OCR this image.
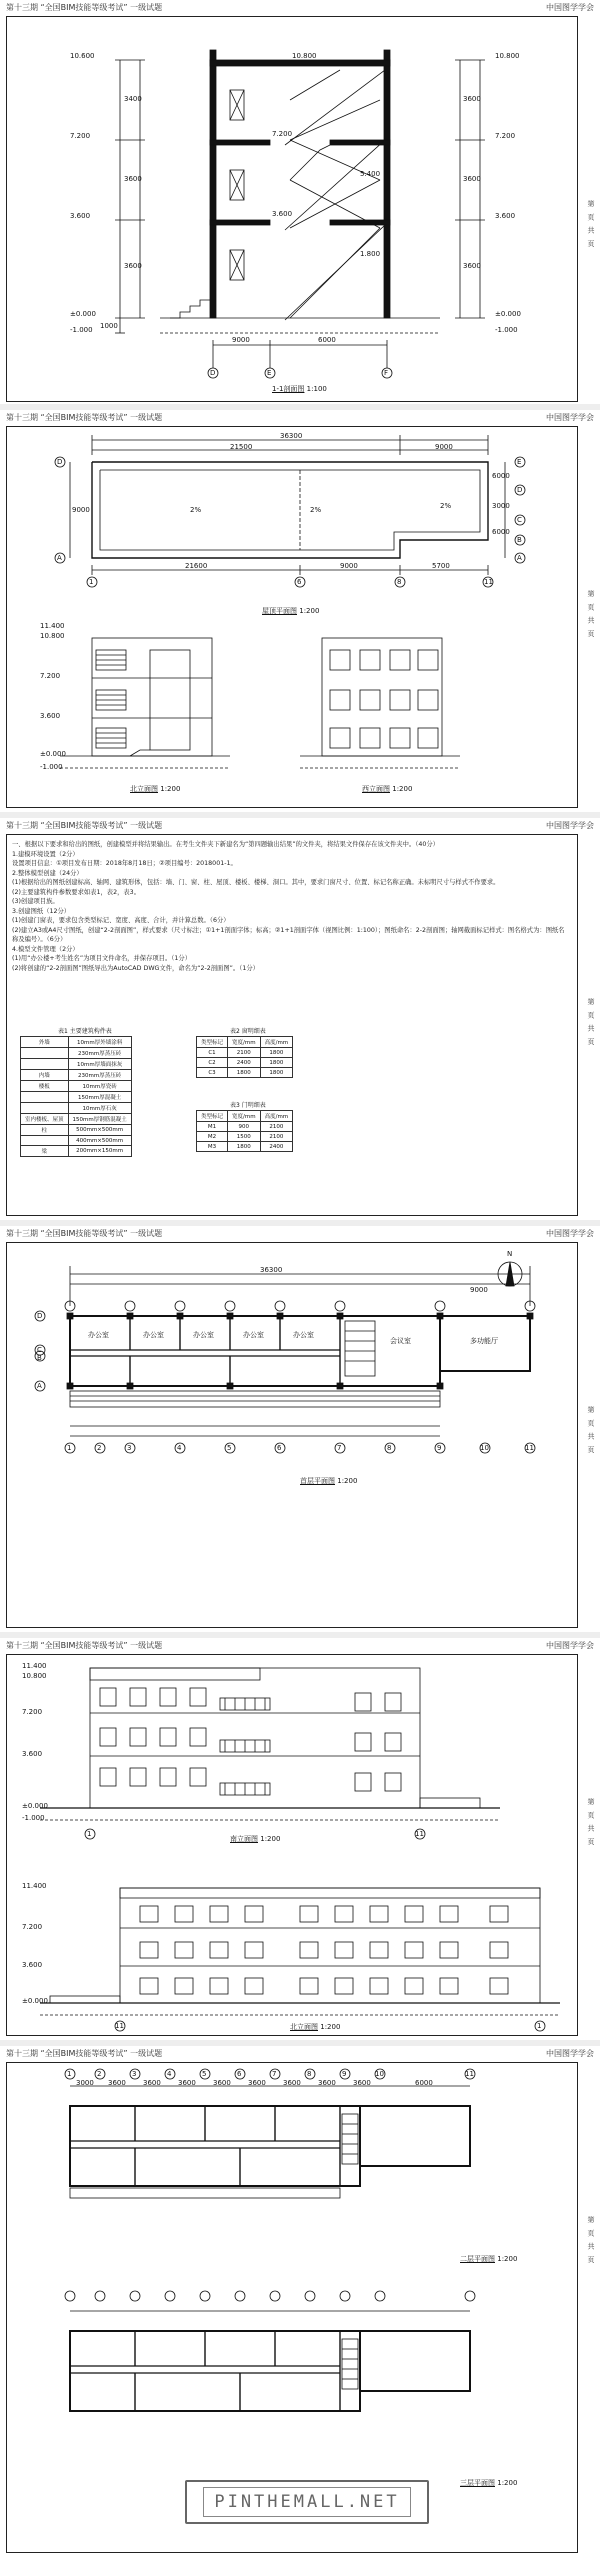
第十三期 “全国BIM技能等级考试” 一级试题	中国图学学会
第 页 共 页
10.600
7.200
3.600
±0.000
-1.000
10.800
7.200
3.600
±0.000
-1.000
7.200
5.400
3.600
1.800
10.800
3400
3600
3600
1000
3600
3600
3600
9000	6000
D	E	F
1-1剖面图 1:100
第十三期 “全国BIM技能等级考试” 一级试题	中国图学学会
第 页 共 页
36300
21500	9000
21600	9000	5700
9000
6000
3000
6000
2%	2%	2%
1	6	8	11
D
A
E
D
C
B
A
屋顶平面图 1:200
11.400
10.800
7.200
3.600
±0.000
-1.000
北立面图 1:200	西立面图 1:200
第十三期 “全国BIM技能等级考试” 一级试题	中国图学学会
第 页 共 页

一、根据以下要求和给出的图纸，创建模型并将结果输出。在考生文件夹下新建名为“第四题输出结果”的文件夹，将结果文件保存在该文件夹中。（40分）

1.建模环境设置（2分）

设置项目信息：①项目发布日期：2018年8月18日；②项目编号：2018001-1。

2.整体模型创建（24分）

(1)根据给出的图纸创建标高、轴网、建筑形体，包括：墙、门、窗、柱、屋顶、楼板、楼梯、洞口。其中，要求门窗尺寸、位置、标记名称正确。未标明尺寸与样式不作要求。

(2)主要建筑构件参数要求如表1，表2，表3。

(3)创建项目族。

3.创建图纸（12分）

(1)创建门窗表，要求包含类型标记、宽度、高度、合计，并计算总数。（6分）

(2)建立A3或A4尺寸图纸，创建“2-2剖面图”，样式要求（尺寸标注；①1+1剖面字体；标高；②1+1剖面字体（视图比例：1:100）；图纸命名：2-2剖面图；轴网截面标记样式：图名格式为：图纸名称及编号）。（6分）

4.模型文件管理（2分）

(1)用“办公楼+考生姓名”为项目文件命名，并保存项目。（1分）

(2)将创建的“2-2剖面图”图纸导出为AutoCAD DWG文件，命名为“2-2剖面图”。（1分）

表1 主要建筑构件表
外墙	10mm厚外墙涂料
	230mm厚蒸压砖
	10mm厚墙面抹灰
内墙	230mm厚蒸压砖
楼板	10mm厚瓷砖
	150mm厚混凝土
	10mm厚石灰
室内楼板、屋顶	150mm厚钢筋混凝土
柱	500mm×500mm
	400mm×500mm
梁	200mm×150mm
表2 窗明细表
类型标记	宽度/mm	高度/mm
C1	2100	1800
C2	2400	1800
C3	1800	1800
表3 门明细表
类型标记	宽度/mm	高度/mm
M1	900	2100
M2	1500	2100
M3	1800	2400
第十三期 “全国BIM技能等级考试” 一级试题	中国图学学会
第 页 共 页
36300
9000
办公室	办公室	办公室	办公室	办公室
会议室	多功能厅
N
1	2	3	4	5	6	7	8	9	10	11
D
C
B
A
首层平面图 1:200
第十三期 “全国BIM技能等级考试” 一级试题	中国图学学会
第 页 共 页
11.400
10.800
7.200
3.600
±0.000
-1.000
1	11
南立面图 1:200
11.400
7.200
3.600
±0.000
11	1
北立面图 1:200
第十三期 “全国BIM技能等级考试” 一级试题	中国图学学会
第 页 共 页
3000 3600 3600 3600 3600 3600 3600 3600 3600	6000
1	2	3	4	5	6	7	8	9	10	11
二层平面图 1:200
三层平面图 1:200
PINTHEMALL.NET
